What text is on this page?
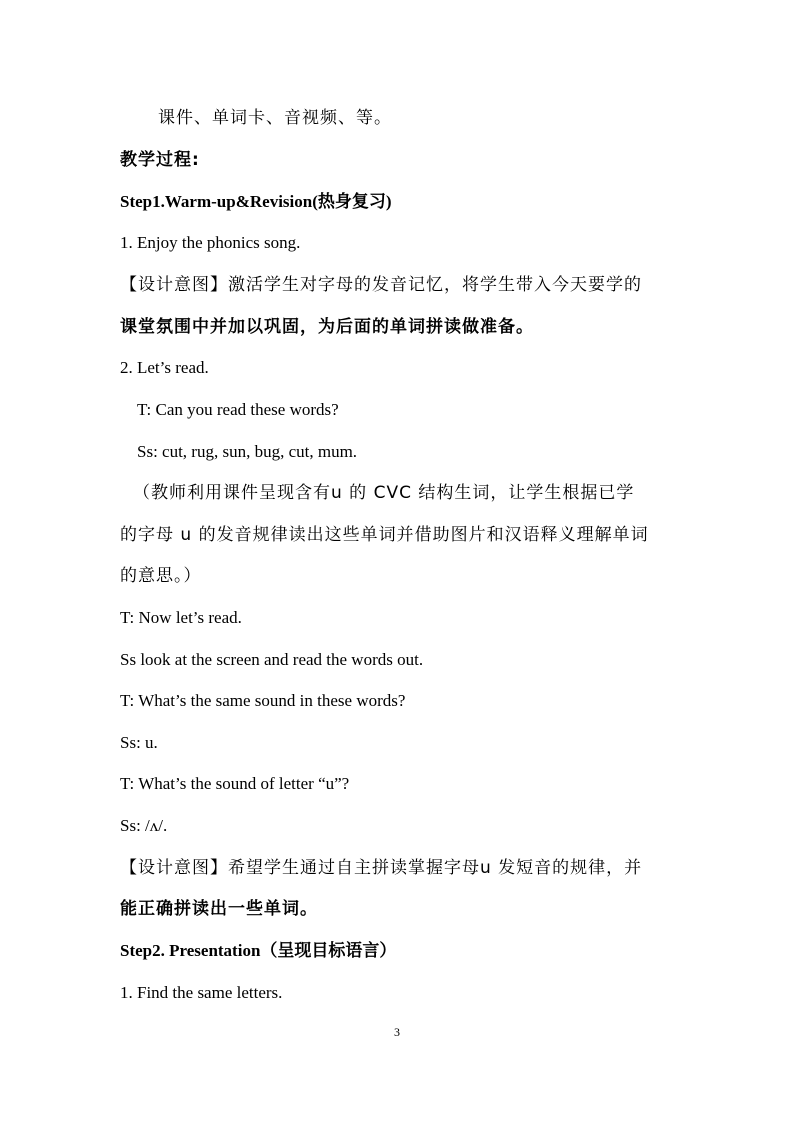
课件、单词卡、音视频、等。
教学过程:
Step1.Warm-up&Revision(热身复习)
1. Enjoy the phonics song.
【设计意图】激活学生对字母的发音记忆，将学生带入今天要学的
课堂氛围中并加以巩固，为后面的单词拼读做准备。
2. Let’s read.
T: Can you read these words?
Ss: cut, rug, sun, bug, cut, mum.
（教师利用课件呈现含有u 的 CVC 结构生词，让学生根据已学
的字母 u 的发音规律读出这些单词并借助图片和汉语释义理解单词
的意思。）
T: Now let’s read.
Ss look at the screen and read the words out.
T: What’s the same sound in these words?
Ss: u.
T: What’s the sound of letter “u”?
Ss: /ʌ/.
【设计意图】希望学生通过自主拼读掌握字母u 发短音的规律，并
能正确拼读出一些单词。
Step2. Presentation（呈现目标语言）
1. Find the same letters.
3
